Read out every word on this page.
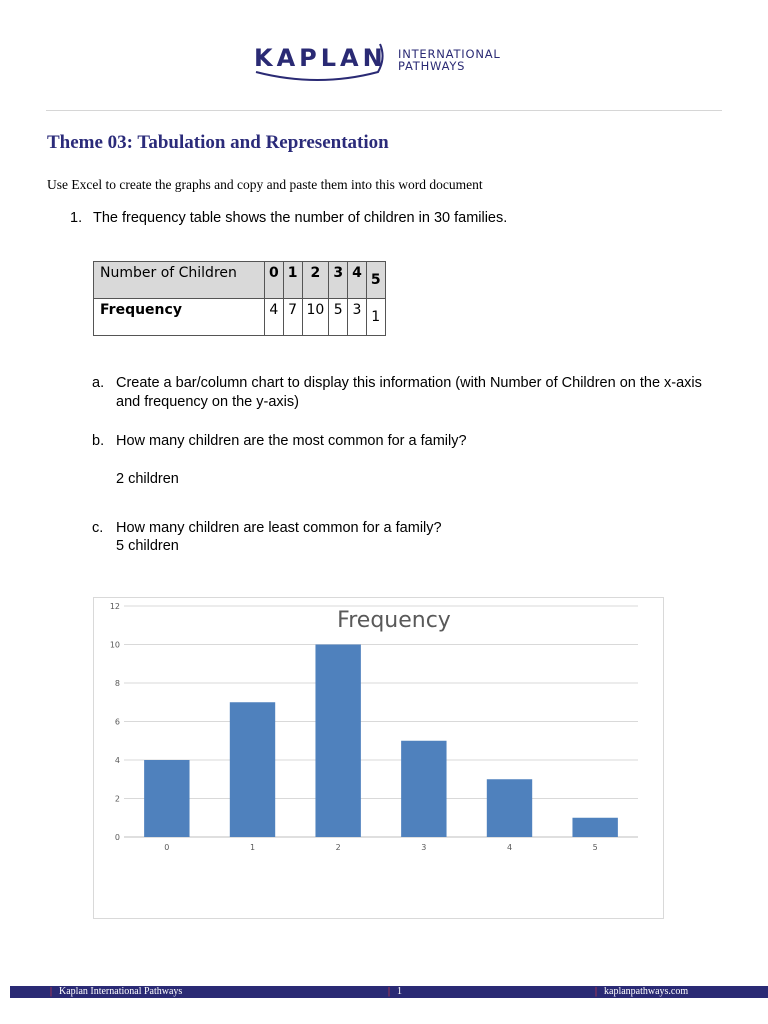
KAPLAN INTERNATIONAL
PATHWAYS
Theme 03: Tabulation and Representation
Use Excel to create the graphs and copy and paste them into this word document
1. The frequency table shows the number of children in 30 families.
Number of Children	0	1	2	3	4	5
Frequency	4	7	10	5	3	1
a. Create a bar/column chart to display this information (with Number of Children on the x-axis and frequency on the y-axis)
b. How many children are the most common for a family?
2 children
c. How many children are least common for a family?
5 children
0
2
4
6
8
10
12
Frequency
0	1	2	3	4	5
| Kaplan International Pathways	| 1	| kaplanpathways.com
